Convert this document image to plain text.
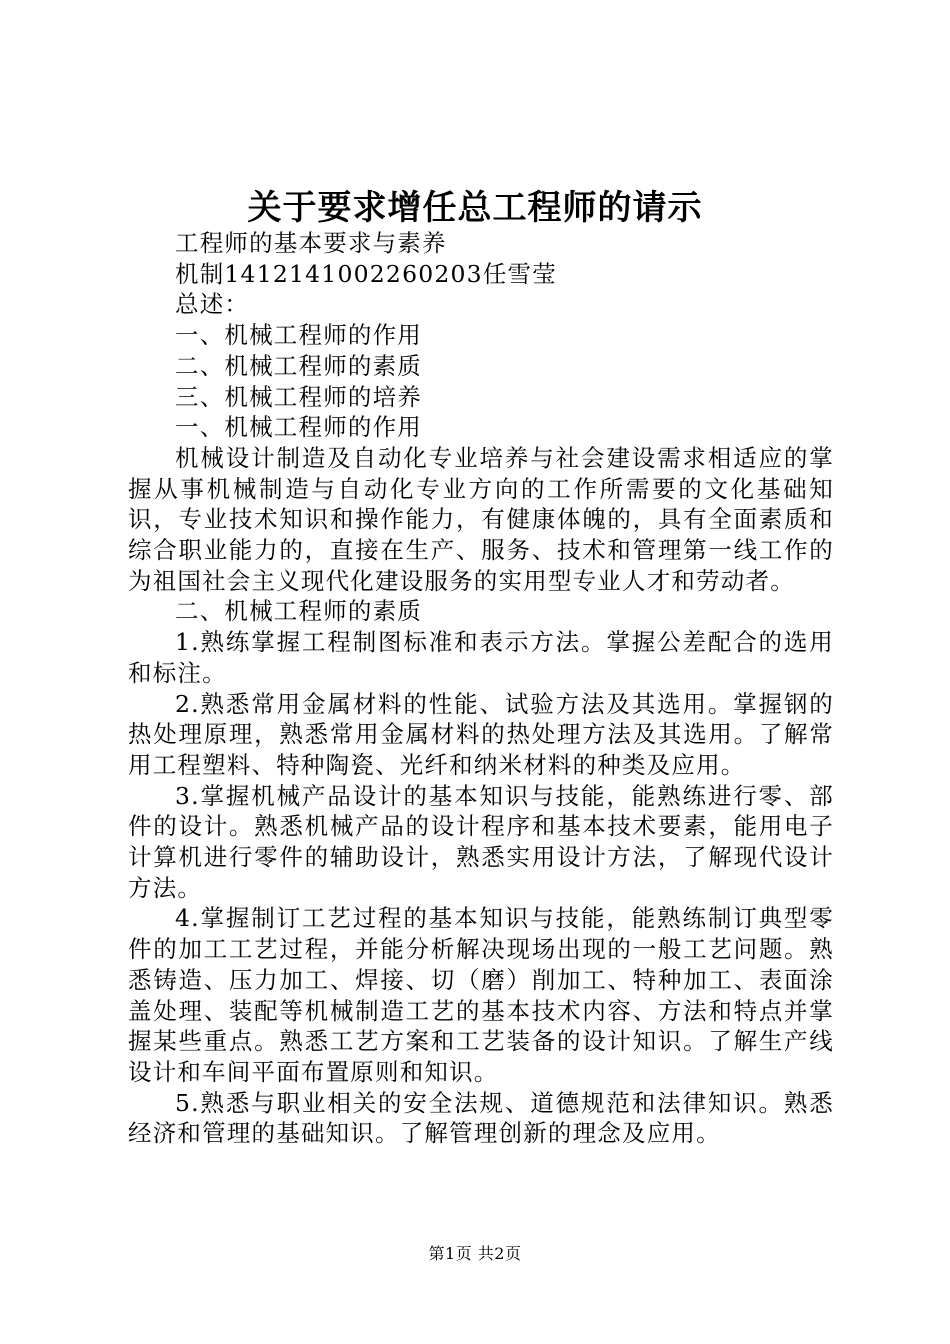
关于要求增任总工程师的请示

工程师的基本要求与素养

机制1412141002260203任雪莹

总述：

一、机械工程师的作用

二、机械工程师的素质

三、机械工程师的培养

一、机械工程师的作用

机械设计制造及自动化专业培养与社会建设需求相适应的掌握从事机械制造与自动化专业方向的工作所需要的文化基础知识，专业技术知识和操作能力，有健康体魄的，具有全面素质和综合职业能力的，直接在生产、服务、技术和管理第一线工作的为祖国社会主义现代化建设服务的实用型专业人才和劳动者。

二、机械工程师的素质

1.熟练掌握工程制图标准和表示方法。掌握公差配合的选用和标注。

2.熟悉常用金属材料的性能、试验方法及其选用。掌握钢的热处理原理，熟悉常用金属材料的热处理方法及其选用。了解常用工程塑料、特种陶瓷、光纤和纳米材料的种类及应用。

3.掌握机械产品设计的基本知识与技能，能熟练进行零、部件的设计。熟悉机械产品的设计程序和基本技术要素，能用电子计算机进行零件的辅助设计，熟悉实用设计方法，了解现代设计方法。

4.掌握制订工艺过程的基本知识与技能，能熟练制订典型零件的加工工艺过程，并能分析解决现场出现的一般工艺问题。熟悉铸造、压力加工、焊接、切（磨）削加工、特种加工、表面涂盖处理、装配等机械制造工艺的基本技术内容、方法和特点并掌握某些重点。熟悉工艺方案和工艺装备的设计知识。了解生产线设计和车间平面布置原则和知识。

5.熟悉与职业相关的安全法规、道德规范和法律知识。熟悉经济和管理的基础知识。了解管理创新的理念及应用。

第1页 共2页
